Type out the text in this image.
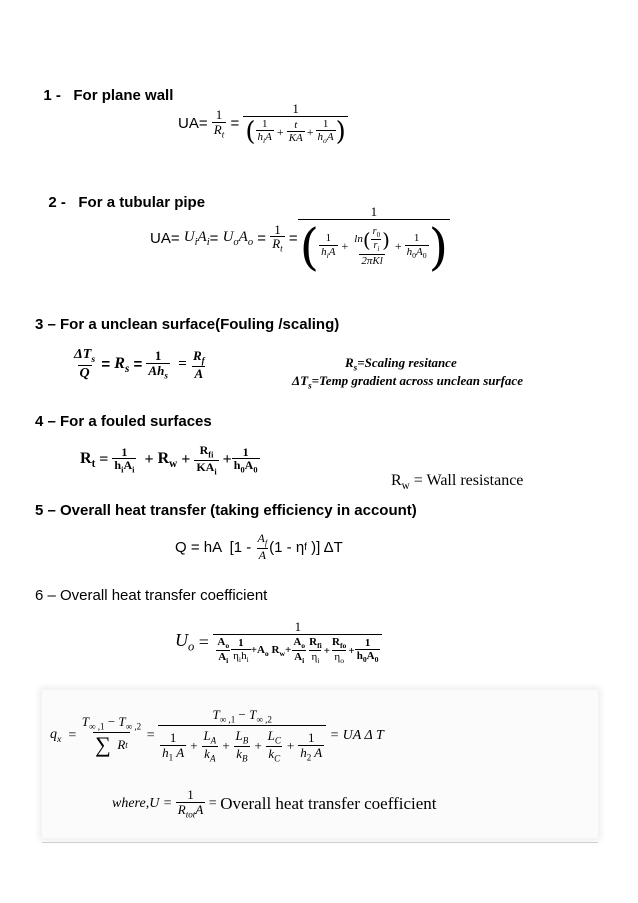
1 - For plane wall

UA=
$\frac{1}{R_t}$
=
$\frac{1}{( \frac{1}{h_iA} + \frac{t}{KA} + \frac{1}{h_oA} )}$

2 - For a tubular pipe

UA=
$U_iA_i$ =
$U_oA_o$
=
$\frac{1}{R_t}$
=
1
( $\frac{1}{h_iA} + \frac{\ln ( \frac{r_0}{r_i} )}{\text{2πKl}} + \frac{1}{h_0A_0}$ )
3 – For a unclean surface(Fouling /scaling)
$\frac{\Delta T_s}{Q}$
= $R_s$
=
$\frac{1}{Ah_s}$
=
$\frac{R_f}{A}$	$R_s=Scaling$ resitance
$\Delta T_s=Temp$ gradient across unclean surface
4 – For a fouled surfaces
$R_t = \frac{1}{h_iA_i} + R_w + \frac{R_{fi}}{KA_i} + \frac{1}{h_0A_0}$

$R_w$ = Wall resistance

5 – Overall heat transfer (taking efficiency in account)
Q = hA  [1 -
$\frac{A_f}{A} (1$ - η f )] ΔT
6 – Overall heat transfer coefficient
$U_o$
=

1
$\frac{A_o}{A_i} \frac{1}{\eta_ih_i} +A_o$ $R_w+ \frac{A_o}{A_i} \frac{R_{fi}}{\eta_i} + \frac{R_{fo}}{\eta_o} + \frac{1}{h_0A_0}$
$q_x = \frac{T_{\infty ,1} - T_{\infty ,2}}{\text{∑ R t}}$ =
$T_{\infty ,1} - T_{\infty ,2}$
$\frac{1}{h_1 A} + \frac{L_A}{k_A} + \frac{L_B}{k_B} + \frac{L_C}{k_C} + \frac{1}{h_2 A}$
= UA Δ T
where,U =
$\frac{1}{R_{tot}A}$ = Overall heat transfer coefficient
